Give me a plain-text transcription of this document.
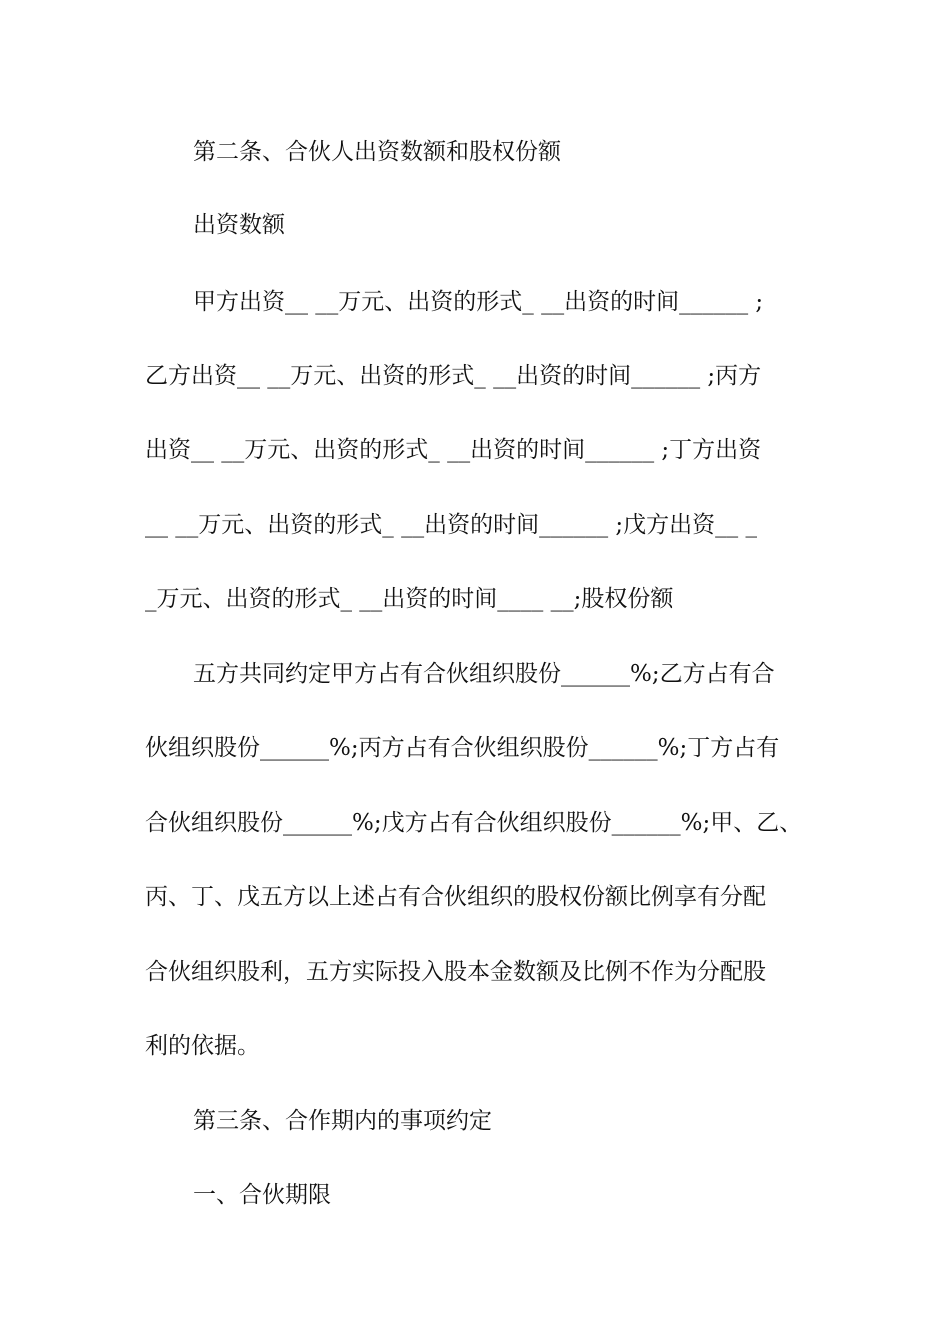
第二条、合伙人出资数额和股权份额
出资数额
甲方出资__ __万元、出资的形式_ __出资的时间______ ;
乙方出资__ __万元、出资的形式_ __出资的时间______ ;丙方
出资__ __万元、出资的形式_ __出资的时间______ ;丁方出资
__ __万元、出资的形式_ __出资的时间______ ;戊方出资__ _
_万元、出资的形式_ __出资的时间____ __;股权份额
五方共同约定甲方占有合伙组织股份______%;乙方占有合
伙组织股份______%;丙方占有合伙组织股份______%;丁方占有
合伙组织股份______%;戊方占有合伙组织股份______%;甲、乙、
丙、丁、戊五方以上述占有合伙组织的股权份额比例享有分配
合伙组织股利，五方实际投入股本金数额及比例不作为分配股
利的依据。
第三条、合作期内的事项约定
一、合伙期限
